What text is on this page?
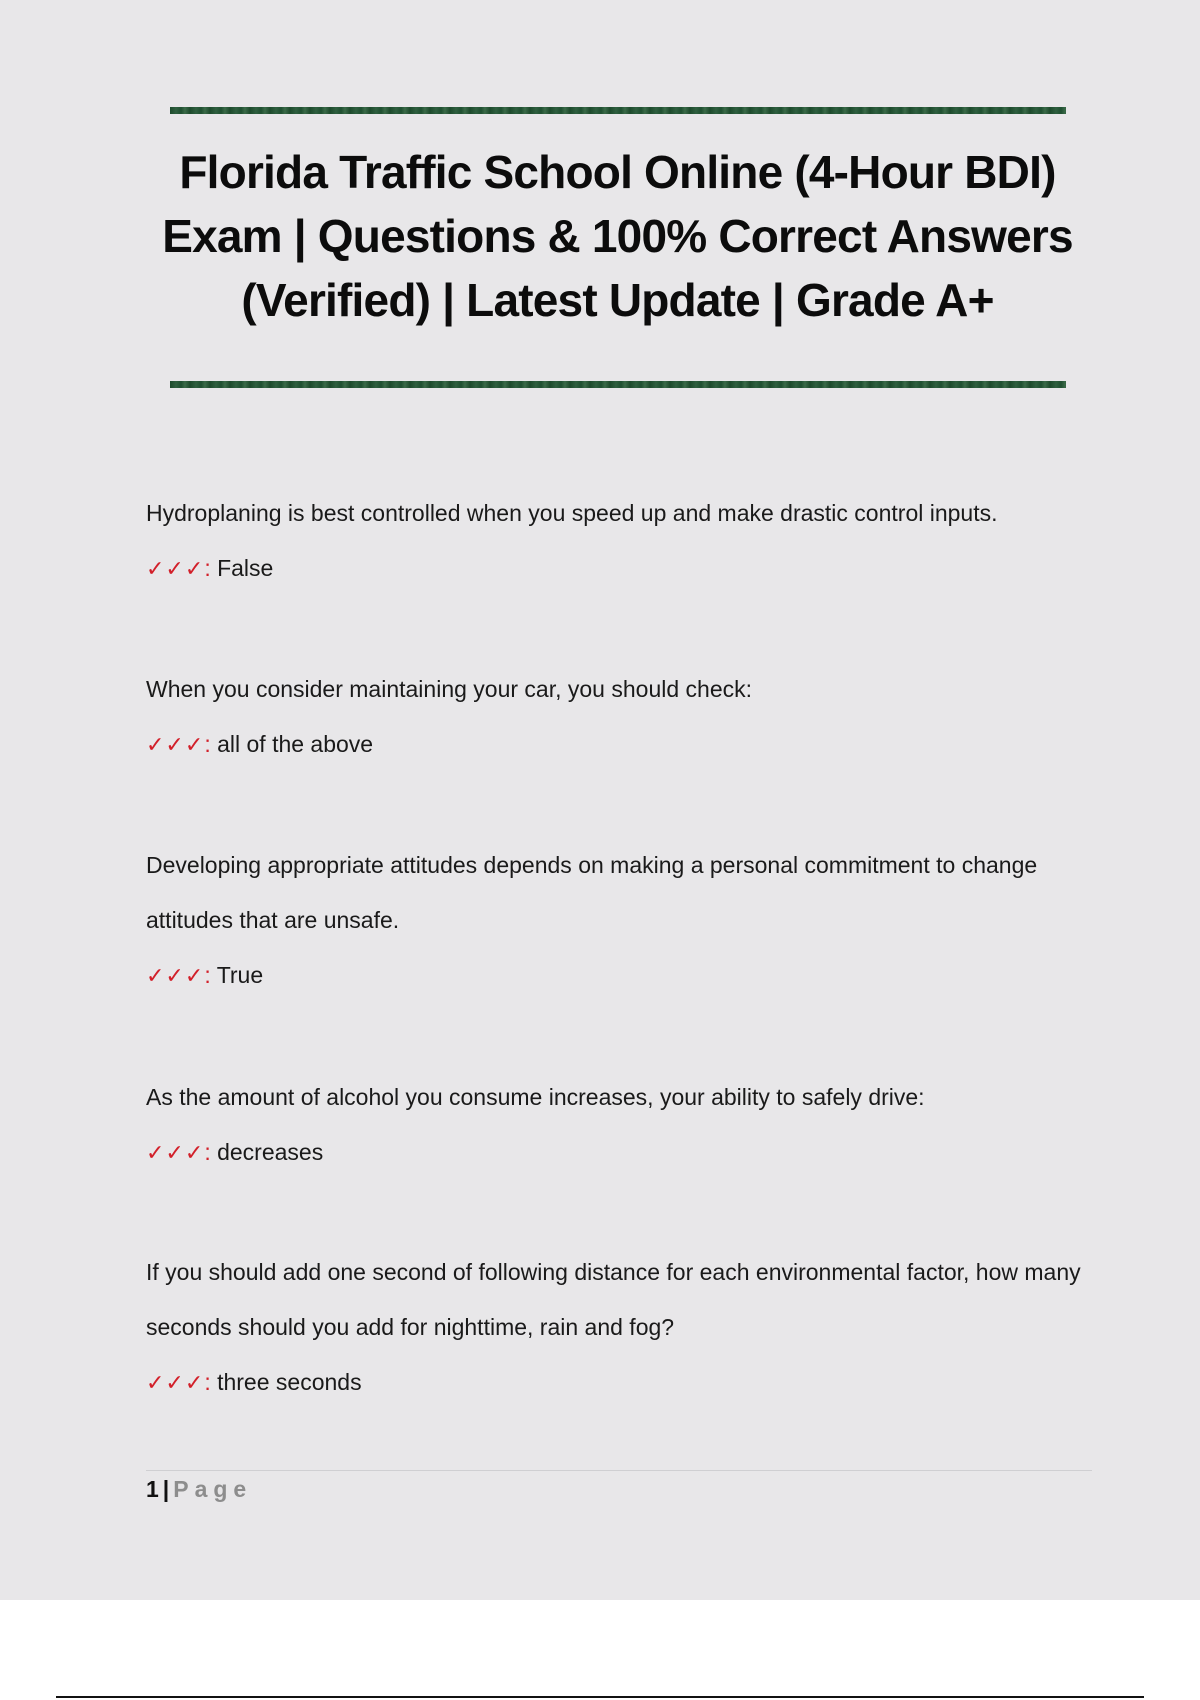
Florida Traffic School Online (4-Hour BDI) Exam | Questions & 100% Correct Answers (Verified) | Latest Update | Grade A+

Hydroplaning is best controlled when you speed up and make drastic control inputs.

✓✓✓: False

When you consider maintaining your car, you should check:

✓✓✓: all of the above

Developing appropriate attitudes depends on making a personal commitment to change attitudes that are unsafe.

✓✓✓: True

As the amount of alcohol you consume increases, your ability to safely drive:

✓✓✓: decreases

If you should add one second of following distance for each environmental factor, how many seconds should you add for nighttime, rain and fog?

✓✓✓: three seconds

1 | Page
